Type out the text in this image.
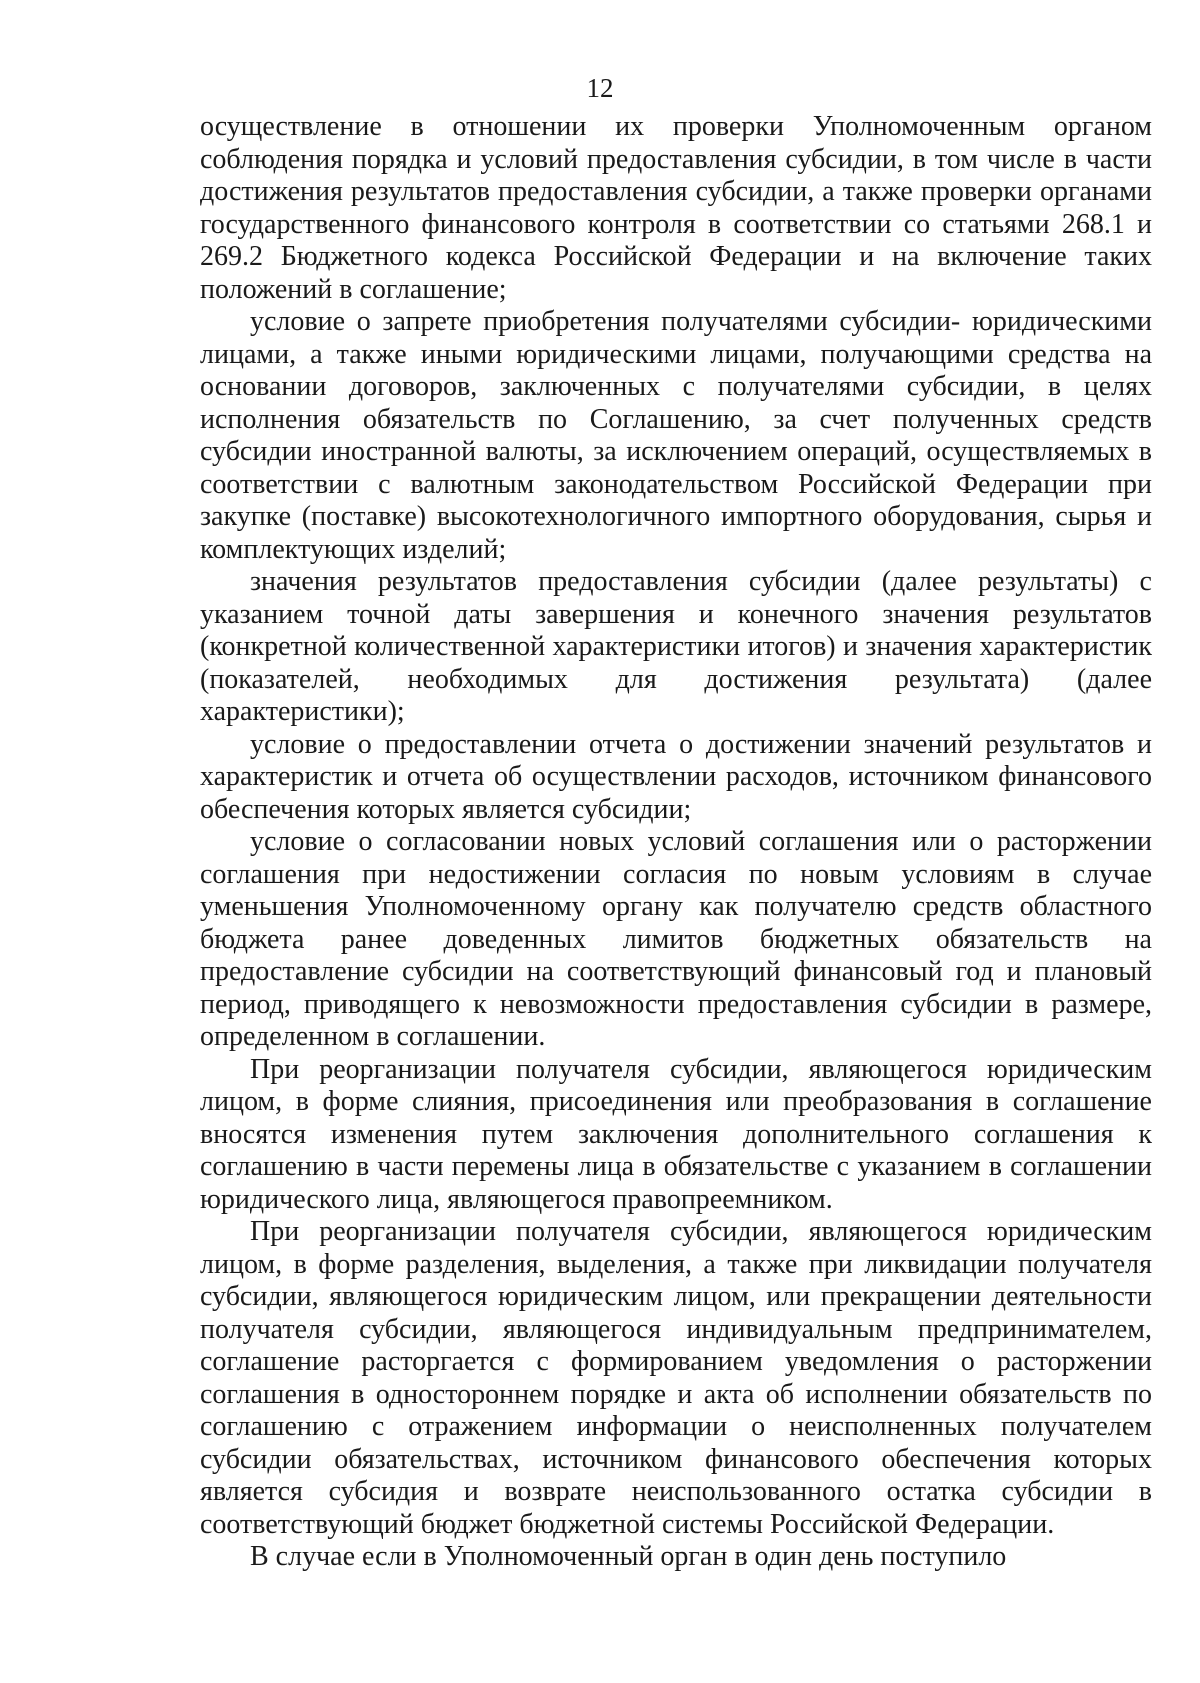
12

осуществление в отношении их проверки Уполномоченным органом соблюдения порядка и условий предоставления субсидии, в том числе в части достижения результатов предоставления субсидии, а также проверки органами государственного финансового контроля в соответствии со статьями 268.1 и 269.2 Бюджетного кодекса Российской Федерации и на включение таких положений в соглашение;

условие о запрете приобретения получателями субсидии- юридическими лицами, а также иными юридическими лицами, получающими средства на основании договоров, заключенных с получателями субсидии, в целях исполнения обязательств по Соглашению, за счет полученных средств субсидии иностранной валюты, за исключением операций, осуществляемых в соответствии с валютным законодательством Российской Федерации при закупке (поставке) высокотехнологичного импортного оборудования, сырья и комплектующих изделий;

значения результатов предоставления субсидии (далее результаты) с указанием точной даты завершения и конечного значения результатов (конкретной количественной характеристики итогов) и значения характеристик (показателей, необходимых для достижения результата) (далее характеристики);

условие о предоставлении отчета о достижении значений результатов и характеристик и отчета об осуществлении расходов, источником финансового обеспечения которых является субсидии;

условие о согласовании новых условий соглашения или о расторжении соглашения при недостижении согласия по новым условиям в случае уменьшения Уполномоченному органу как получателю средств областного бюджета ранее доведенных лимитов бюджетных обязательств на предоставление субсидии на соответствующий финансовый год и плановый период, приводящего к невозможности предоставления субсидии в размере, определенном в соглашении.

При реорганизации получателя субсидии, являющегося юридическим лицом, в форме слияния, присоединения или преобразования в соглашение вносятся изменения путем заключения дополнительного соглашения к соглашению в части перемены лица в обязательстве с указанием в соглашении юридического лица, являющегося правопреемником.

При реорганизации получателя субсидии, являющегося юридическим лицом, в форме разделения, выделения, а также при ликвидации получателя субсидии, являющегося юридическим лицом, или прекращении деятельности получателя субсидии, являющегося индивидуальным предпринимателем, соглашение расторгается с формированием уведомления о расторжении соглашения в одностороннем порядке и акта об исполнении обязательств по соглашению с отражением информации о неисполненных получателем субсидии обязательствах, источником финансового обеспечения которых является субсидия и возврате неиспользованного остатка субсидии в соответствующий бюджет бюджетной системы Российской Федерации.

В случае если в Уполномоченный орган в один день поступило
